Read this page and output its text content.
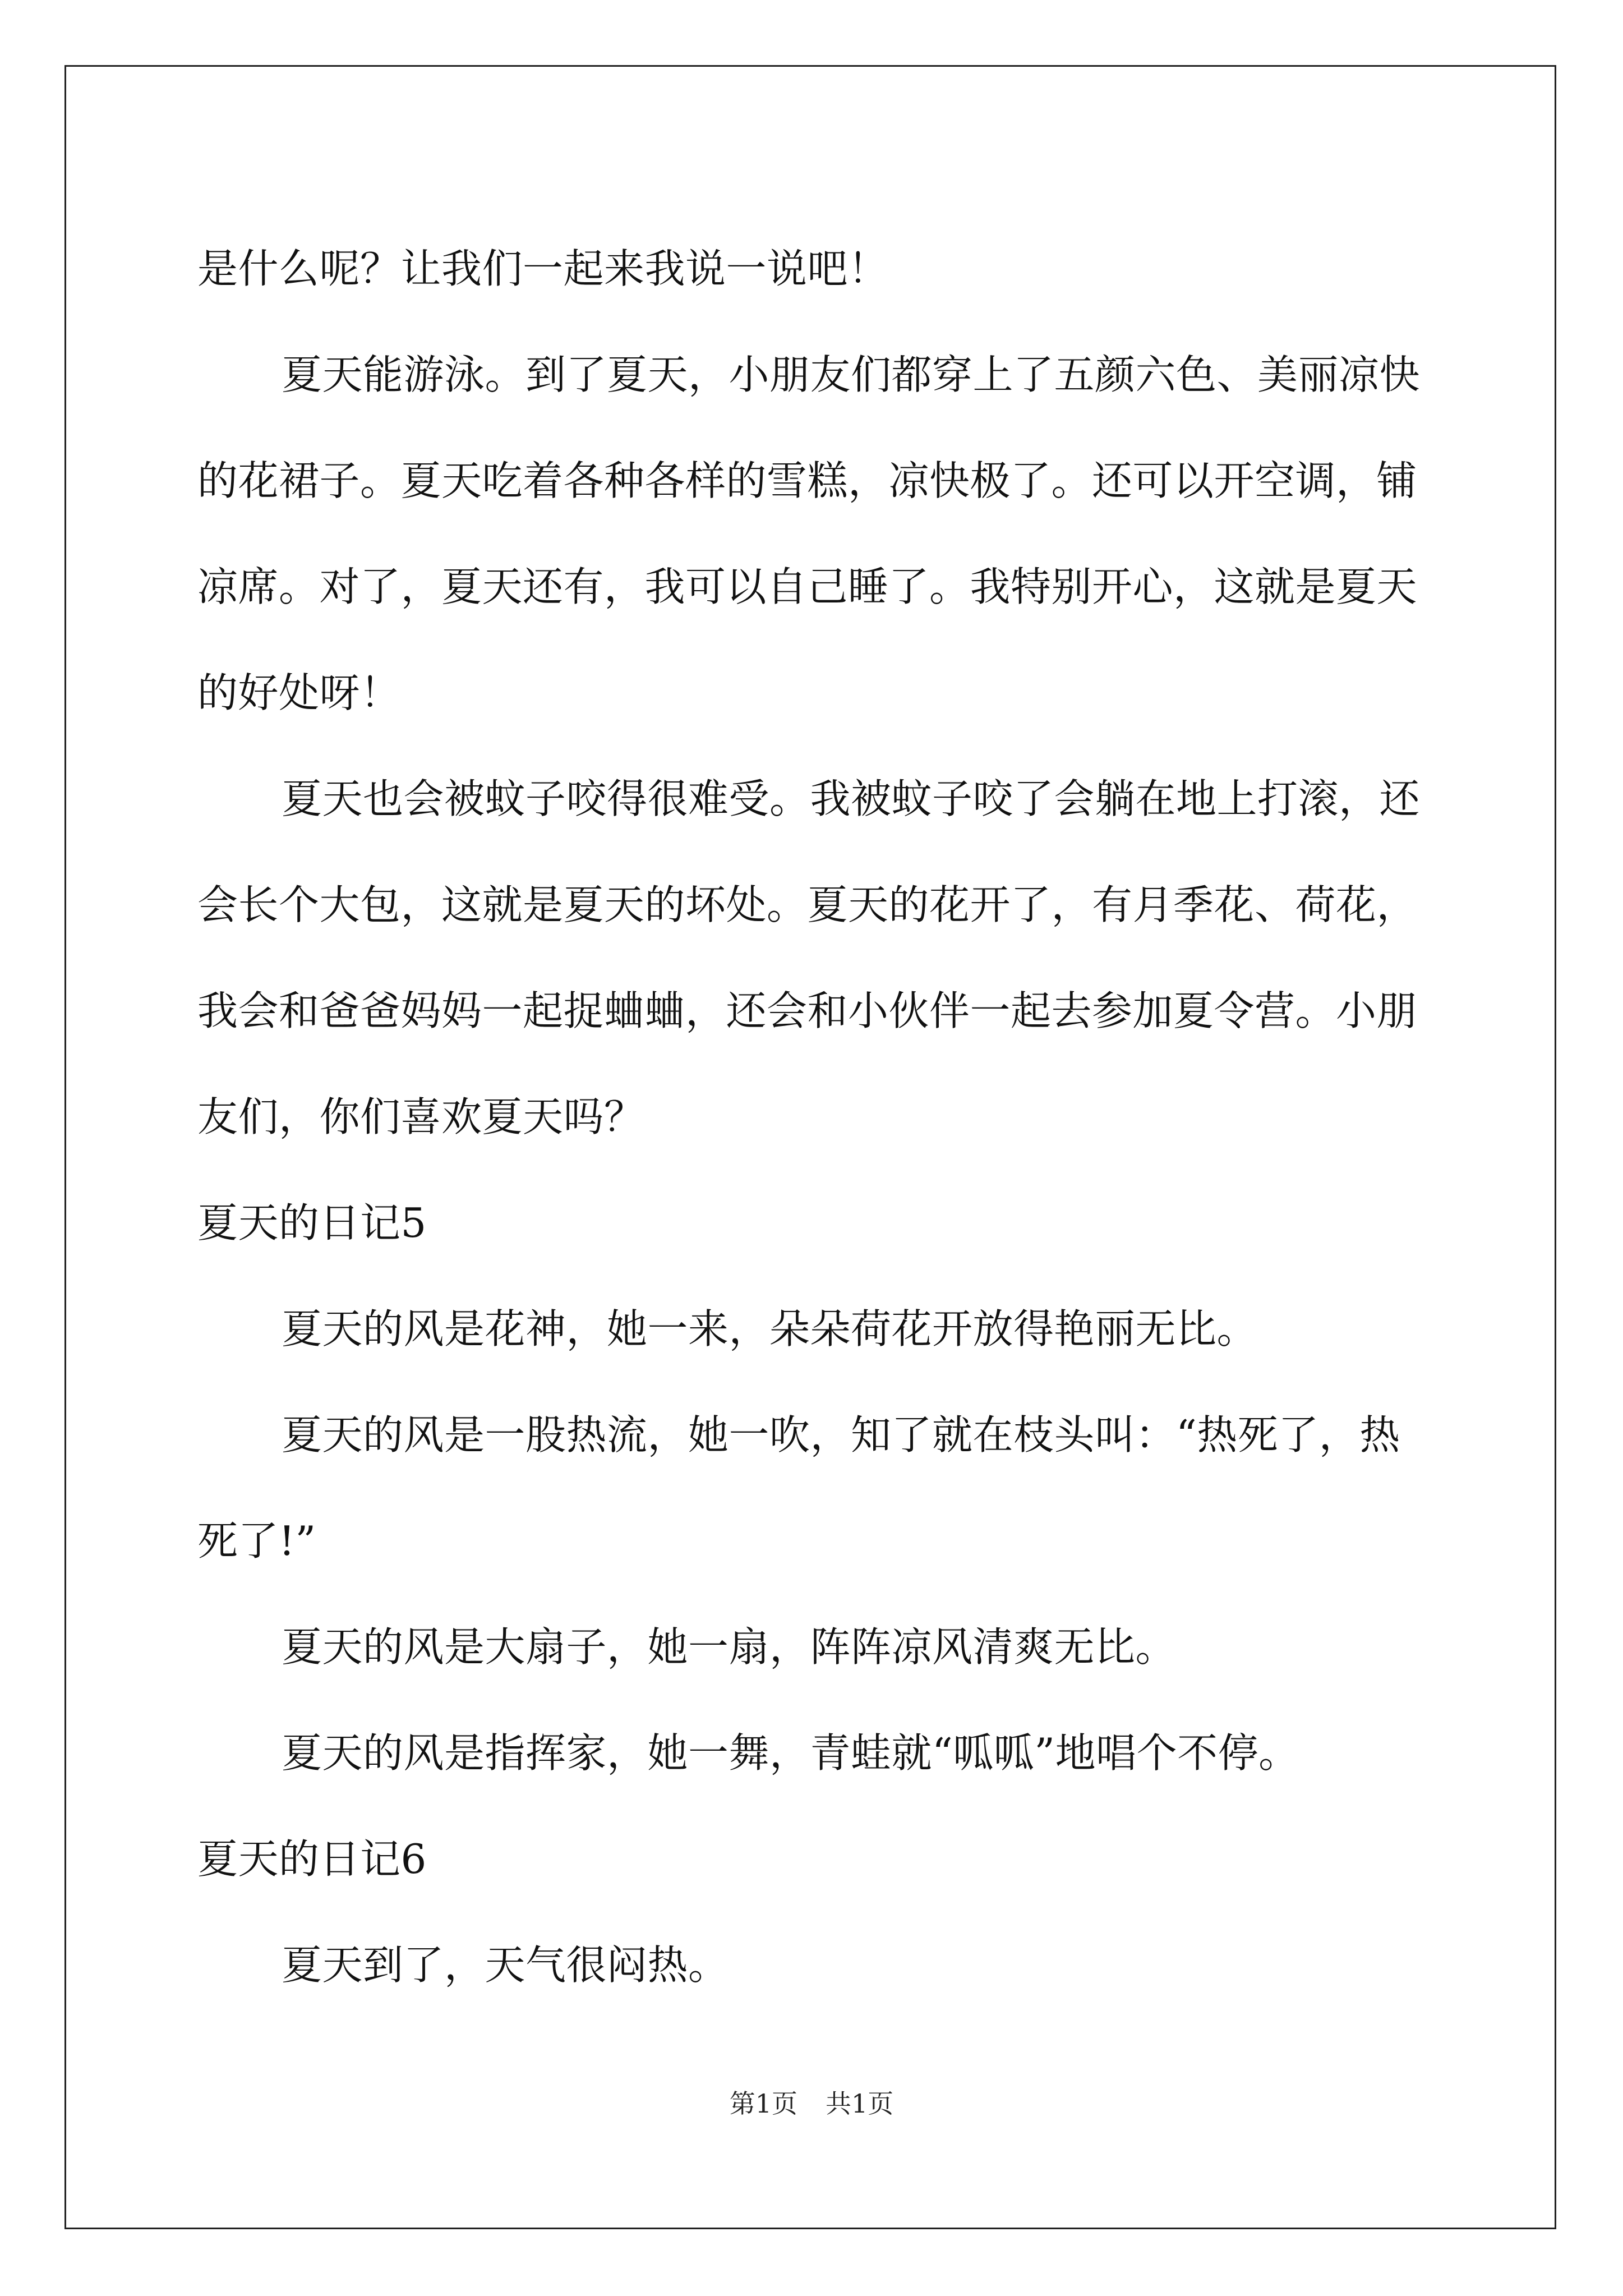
是什么呢？让我们一起来我说一说吧！
夏天能游泳。到了夏天，小朋友们都穿上了五颜六色、美丽凉快
的花裙子。夏天吃着各种各样的雪糕，凉快极了。还可以开空调，铺
凉席。对了，夏天还有，我可以自己睡了。我特别开心，这就是夏天
的好处呀！
夏天也会被蚊子咬得很难受。我被蚊子咬了会躺在地上打滚，还
会长个大包，这就是夏天的坏处。夏天的花开了，有月季花、荷花，
我会和爸爸妈妈一起捉蛐蛐，还会和小伙伴一起去参加夏令营。小朋
友们，你们喜欢夏天吗？
夏天的日记5
夏天的风是花神，她一来，朵朵荷花开放得艳丽无比。
夏天的风是一股热流，她一吹，知了就在枝头叫：“热死了，热
死了!”
夏天的风是大扇子，她一扇，阵阵凉风清爽无比。
夏天的风是指挥家，她一舞，青蛙就“呱呱”地唱个不停。
夏天的日记6
夏天到了，天气很闷热。
第1页 共1页
